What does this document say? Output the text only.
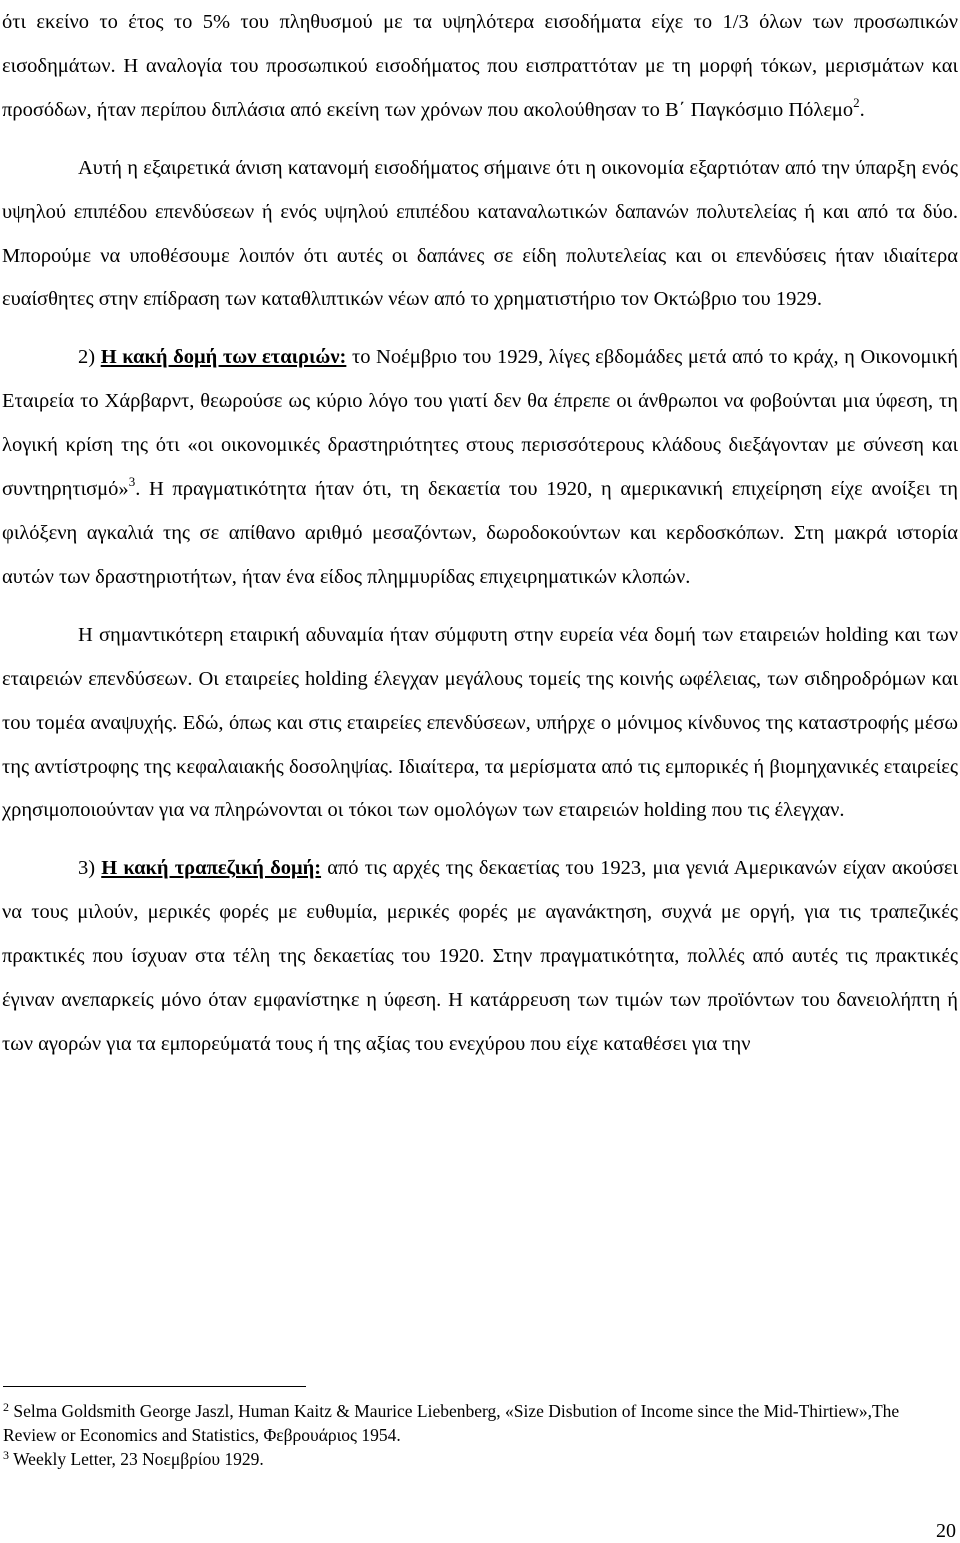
ότι εκείνο το έτος το 5% του πληθυσμού με τα υψηλότερα εισοδήματα είχε το 1/3 όλων των προσωπικών εισοδημάτων. Η αναλογία του προσωπικού εισοδήματος που εισπραττόταν με τη μορφή τόκων, μερισμάτων και προσόδων, ήταν περίπου διπλάσια από εκείνη των χρόνων που ακολούθησαν το Β΄ Παγκόσμιο Πόλεμο$^2$.

Αυτή η εξαιρετικά άνιση κατανομή εισοδήματος σήμαινε ότι η οικονομία εξαρτιόταν από την ύπαρξη ενός υψηλού επιπέδου επενδύσεων ή ενός υψηλού επιπέδου καταναλωτικών δαπανών πολυτελείας ή και από τα δύο. Μπορούμε να υποθέσουμε λοιπόν ότι αυτές οι δαπάνες σε είδη πολυτελείας και οι επενδύσεις ήταν ιδιαίτερα ευαίσθητες στην επίδραση των καταθλιπτικών νέων από το χρηματιστήριο τον Οκτώβριο του 1929.

2) Η κακή δομή των εταιριών: το Νοέμβριο του 1929, λίγες εβδομάδες μετά από το κράχ, η Οικονομική Εταιρεία το Χάρβαρντ, θεωρούσε ως κύριο λόγο του γιατί δεν θα έπρεπε οι άνθρωποι να φοβούνται μια ύφεση, τη λογική κρίση της ότι «οι οικονομικές δραστηριότητες στους περισσότερους κλάδους διεξάγονταν με σύνεση και συντηρητισμό»$^3$. Η πραγματικότητα ήταν ότι, τη δεκαετία του 1920, η αμερικανική επιχείρηση είχε ανοίξει τη φιλόξενη αγκαλιά της σε απίθανο αριθμό μεσαζόντων, δωροδοκούντων και κερδοσκόπων. Στη μακρά ιστορία αυτών των δραστηριοτήτων, ήταν ένα είδος πλημμυρίδας επιχειρηματικών κλοπών.

Η σημαντικότερη εταιρική αδυναμία ήταν σύμφυτη στην ευρεία νέα δομή των εταιρειών holding και των εταιρειών επενδύσεων. Οι εταιρείες holding έλεγχαν μεγάλους τομείς της κοινής ωφέλειας, των σιδηροδρόμων και του τομέα αναψυχής. Εδώ, όπως και στις εταιρείες επενδύσεων, υπήρχε ο μόνιμος κίνδυνος της καταστροφής μέσω της αντίστροφης της κεφαλαιακής δοσοληψίας. Ιδιαίτερα, τα μερίσματα από τις εμπορικές ή βιομηχανικές εταιρείες χρησιμοποιούνταν για να πληρώνονται οι τόκοι των ομολόγων των εταιρειών holding που τις έλεγχαν.

3) Η κακή τραπεζική δομή: από τις αρχές της δεκαετίας του 1923, μια γενιά Αμερικανών είχαν ακούσει να τους μιλούν, μερικές φορές με ευθυμία, μερικές φορές με αγανάκτηση, συχνά με οργή, για τις τραπεζικές πρακτικές που ίσχυαν στα τέλη της δεκαετίας του 1920. Στην πραγματικότητα, πολλές από αυτές τις πρακτικές έγιναν ανεπαρκείς μόνο όταν εμφανίστηκε η ύφεση. Η κατάρρευση των τιμών των προϊόντων του δανειολήπτη ή των αγορών για τα εμπορεύματά τους ή της αξίας του ενεχύρου που είχε καταθέσει για την

$^2$ Selma Goldsmith George Jaszl, Human Kaitz & Maurice Liebenberg, «Size Disbution of Income since the Mid-Thirtiew»,The Review or Economics and Statistics, Φεβρουάριος 1954.

$^3$ Weekly Letter, 23 Νοεμβρίου 1929.

20
